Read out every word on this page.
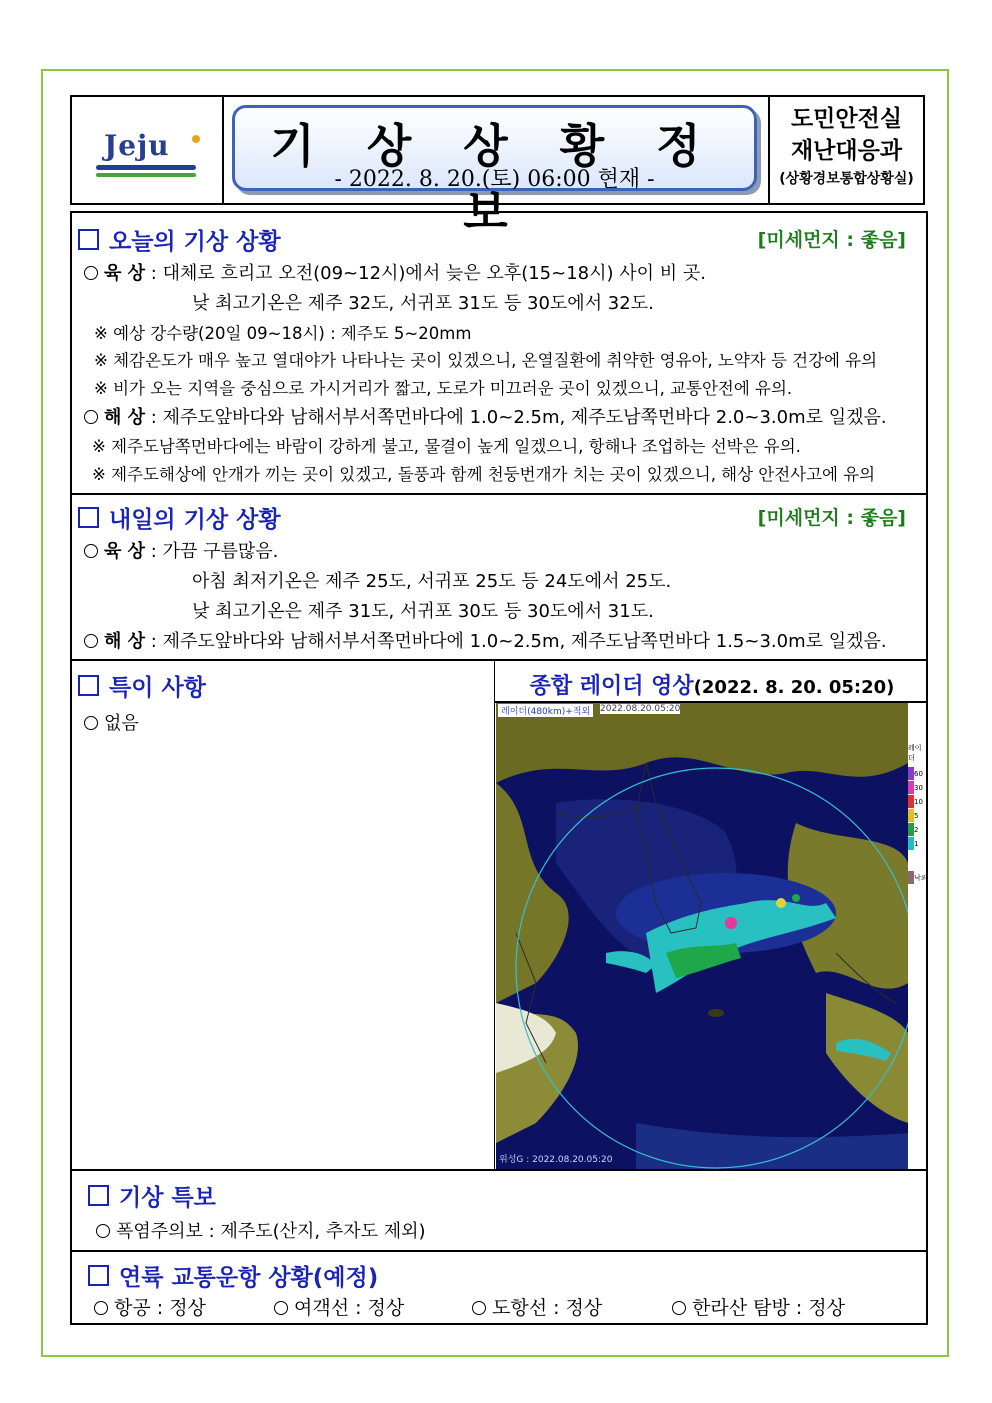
Jeju	기 상 상 황 정 보
- 2022. 8. 20.(토) 06:00 현재 -
도민안전실
재난대응과
(상황경보통합상황실)
오늘의 기상 상황	[미세먼지 : 좋음]
육 상 : 대체로 흐리고 오전(09~12시)에서 늦은 오후(15~18시) 사이 비 곳.
낮 최고기온은 제주 32도, 서귀포 31도 등 30도에서 32도.
※ 예상 강수량(20일 09~18시) : 제주도 5~20mm
※ 체감온도가 매우 높고 열대야가 나타나는 곳이 있겠으니, 온열질환에 취약한 영유아, 노약자 등 건강에 유의
※ 비가 오는 지역을 중심으로 가시거리가 짧고, 도로가 미끄러운 곳이 있겠으니, 교통안전에 유의.
해 상 : 제주도앞바다와 남해서부서쪽먼바다에 1.0~2.5m, 제주도남쪽먼바다 2.0~3.0m로 일겠음.
※ 제주도남쪽먼바다에는 바람이 강하게 불고, 물결이 높게 일겠으니, 항해나 조업하는 선박은 유의.
※ 제주도해상에 안개가 끼는 곳이 있겠고, 돌풍과 함께 천둥번개가 치는 곳이 있겠으니, 해상 안전사고에 유의
내일의 기상 상황	[미세먼지 : 좋음]
육 상 : 가끔 구름많음.
아침 최저기온은 제주 25도, 서귀포 25도 등 24도에서 25도.
낮 최고기온은 제주 31도, 서귀포 30도 등 30도에서 31도.
해 상 : 제주도앞바다와 남해서부서쪽먼바다에 1.0~2.5m, 제주도남쪽먼바다 1.5~3.0m로 일겠음.
특이 사항
없음
종합 레이더 영상(2022. 8. 20. 05:20)
레이더(480km)+적외	2022.08.20.05:20
위성G : 2022.08.20.05:20
레이더
60
30
10
5
2
1
낙뢰
기상 특보
폭염주의보 : 제주도(산지, 추자도 제외)
연륙 교통운항 상황(예정)
항공 : 정상	여객선 : 정상	도항선 : 정상	한라산 탐방 : 정상
